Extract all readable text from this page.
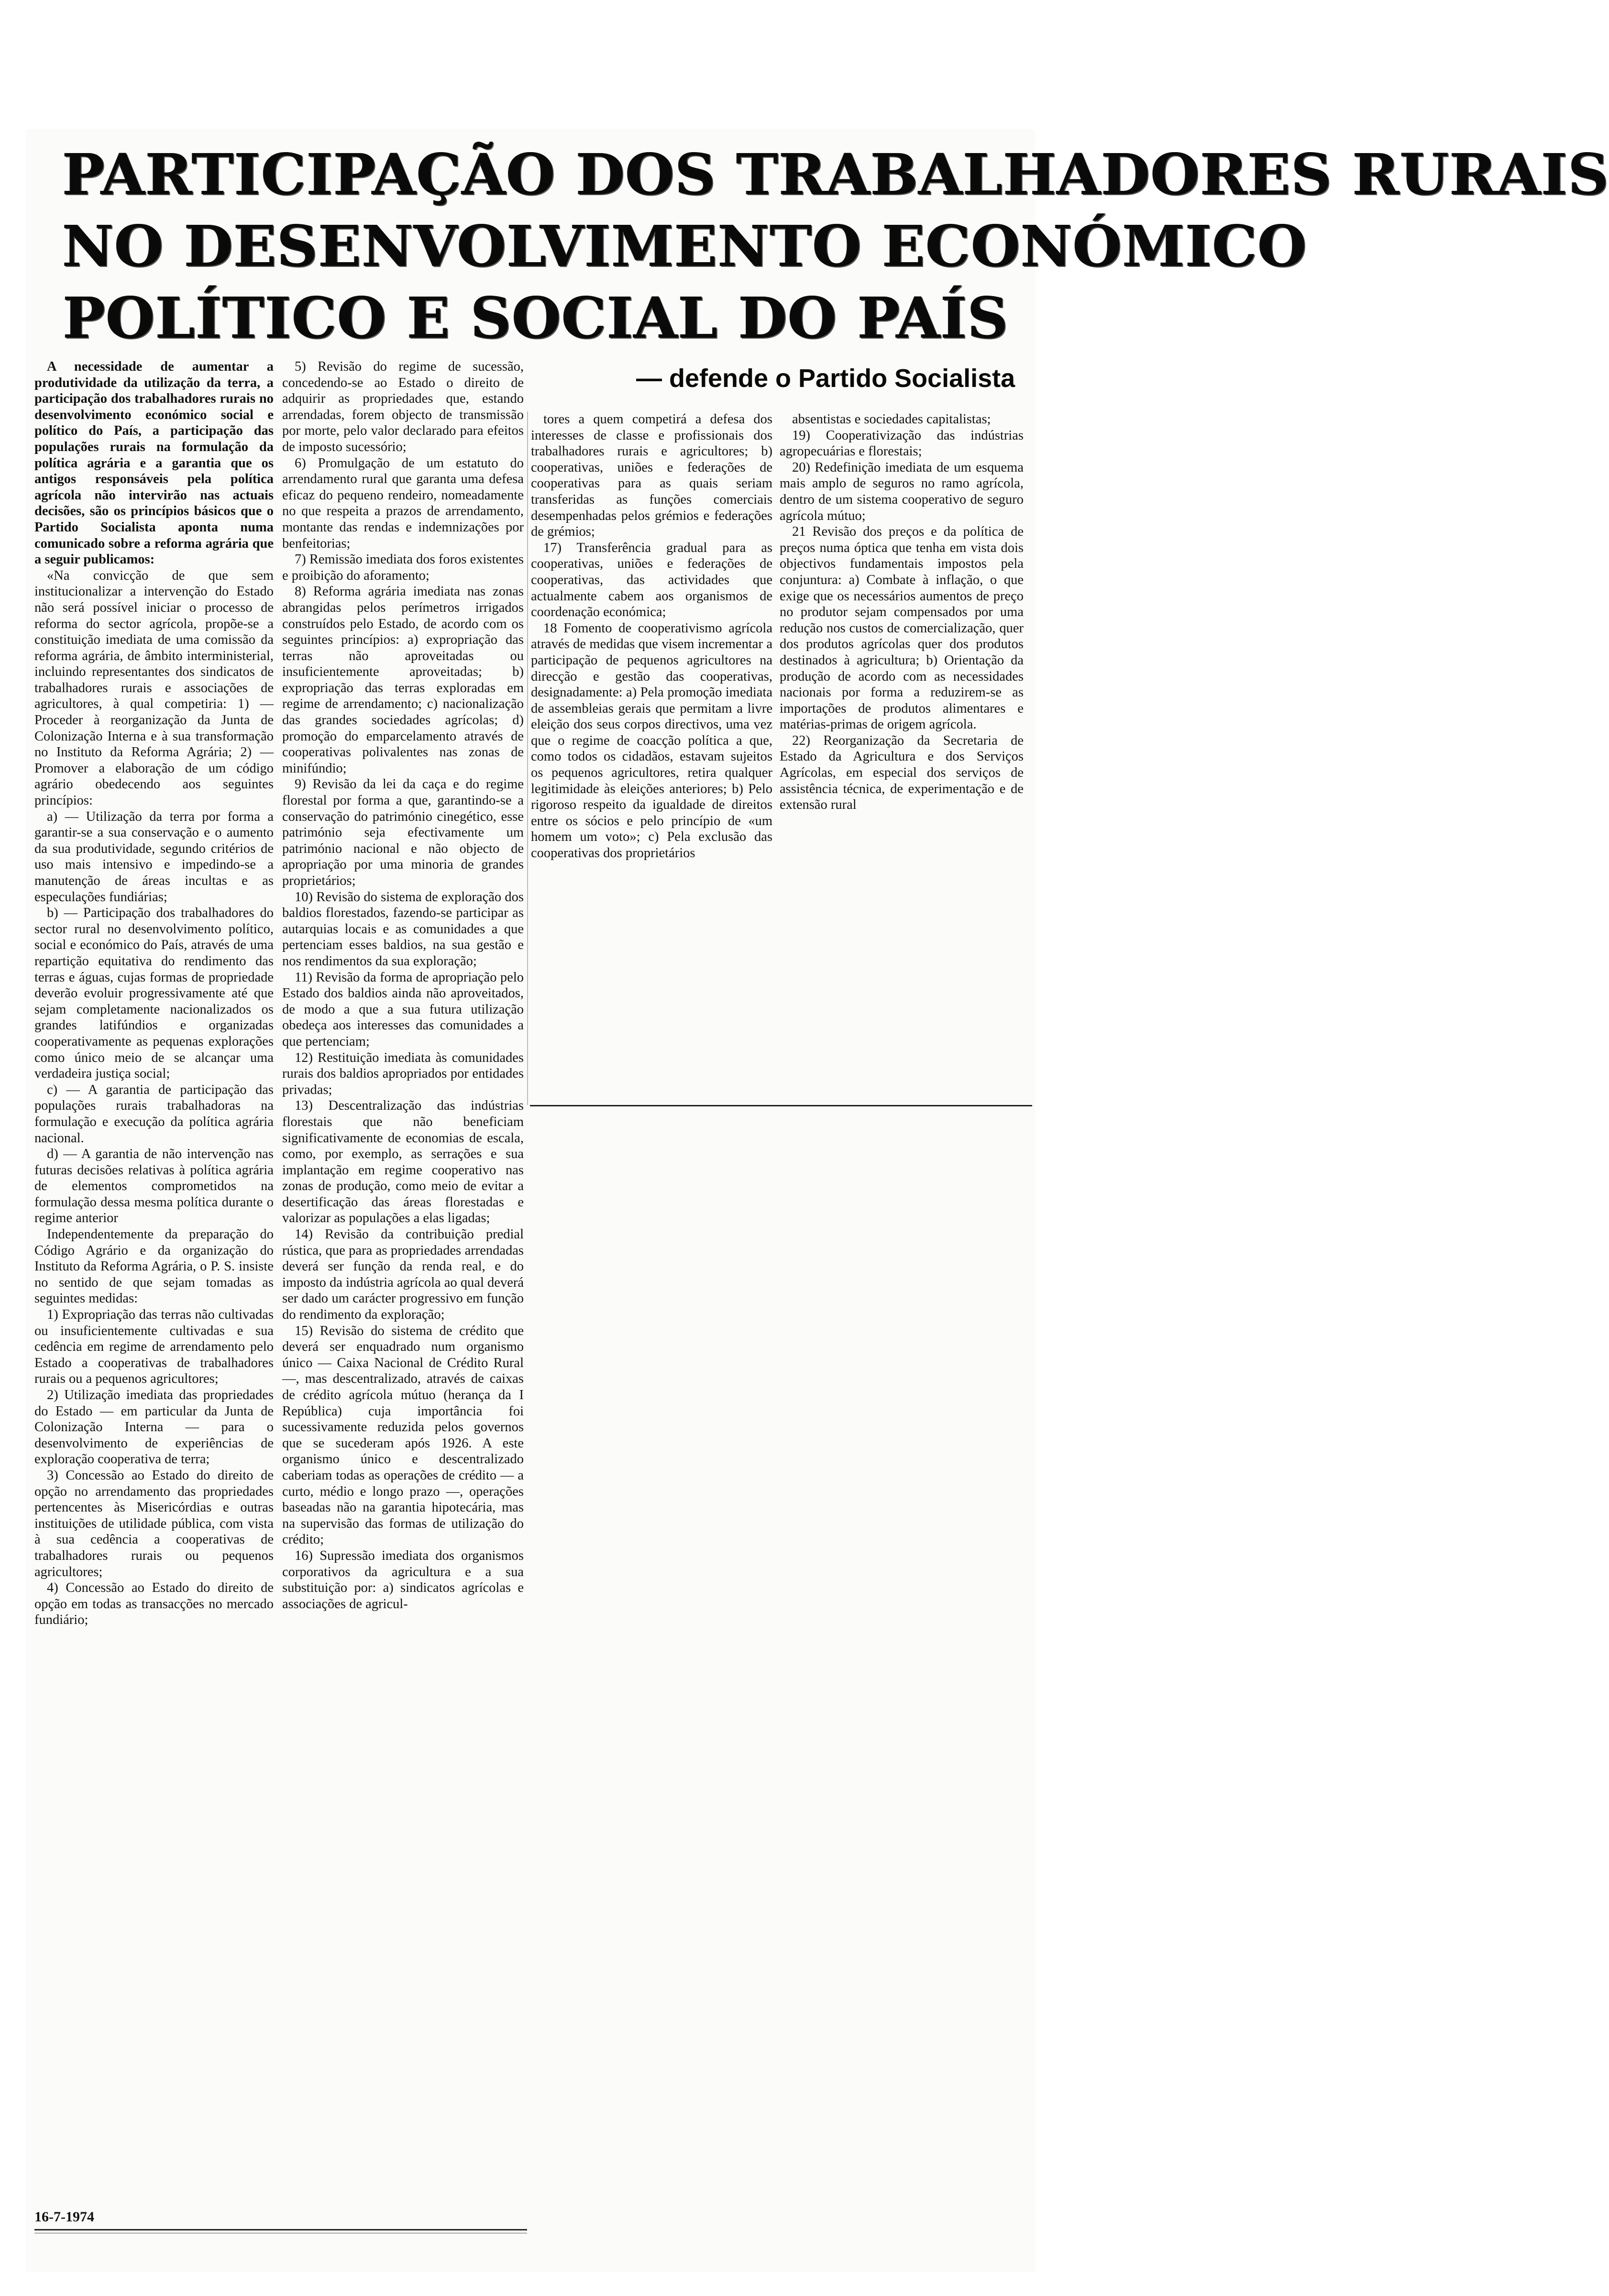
PARTICIPAÇÃO DOS TRABALHADORES RURAIS
NO DESENVOLVIMENTO ECONÓMICO
POLÍTICO E SOCIAL DO PAÍS
— defende o Partido Socialista

A necessidade de aumentar a produtividade da utilização da terra, a participação dos trabalhadores rurais no desenvolvimento económico social e político do País, a participação das populações rurais na formulação da política agrária e a garantia que os antigos responsáveis pela política agrícola não intervirão nas actuais decisões, são os princípios básicos que o Partido Socialista aponta numa comunicado sobre a reforma agrária que a seguir publicamos:

«Na convicção de que sem institucionalizar a intervenção do Estado não será possível iniciar o processo de reforma do sector agrícola, propõe-se a constituição imediata de uma comissão da reforma agrária, de âmbito interministerial, incluindo representantes dos sindicatos de trabalhadores rurais e associações de agricultores, à qual competiria: 1) — Proceder à reorganização da Junta de Colonização Interna e à sua transformação no Instituto da Reforma Agrária; 2) — Promover a elaboração de um código agrário obedecendo aos seguintes princípios:

a) — Utilização da terra por forma a garantir-se a sua conservação e o aumento da sua produtividade, segundo critérios de uso mais intensivo e impedindo-se a manutenção de áreas incultas e as especulações fundiárias;

b) — Participação dos trabalhadores do sector rural no desenvolvimento político, social e económico do País, através de uma repartição equitativa do rendimento das terras e águas, cujas formas de propriedade deverão evoluir progressivamente até que sejam completamente nacionalizados os grandes latifúndios e organizadas cooperativamente as pequenas explorações como único meio de se alcançar uma verdadeira justiça social;

c) — A garantia de participação das populações rurais trabalhadoras na formulação e execução da política agrária nacional.

d) — A garantia de não intervenção nas futuras decisões relativas à política agrária de elementos comprometidos na formulação dessa mesma política durante o regime anterior

Independentemente da preparação do Código Agrário e da organização do Instituto da Reforma Agrária, o P. S. insiste no sentido de que sejam tomadas as seguintes medidas:

1) Expropriação das terras não cultivadas ou insuficientemente cultivadas e sua cedência em regime de arrendamento pelo Estado a cooperativas de trabalhadores rurais ou a pequenos agricultores;

2) Utilização imediata das propriedades do Estado — em particular da Junta de Colonização Interna — para o desenvolvimento de experiências de exploração cooperativa de terra;

3) Concessão ao Estado do direito de opção no arrendamento das propriedades pertencentes às Misericórdias e outras instituições de utilidade pública, com vista à sua cedência a cooperativas de trabalhadores rurais ou pequenos agricultores;

4) Concessão ao Estado do direito de opção em todas as transacções no mercado fundiário;

5) Revisão do regime de sucessão, concedendo-se ao Estado o direito de adquirir as propriedades que, estando arrendadas, forem objecto de transmissão por morte, pelo valor declarado para efeitos de imposto sucessório;

6) Promulgação de um estatuto do arrendamento rural que garanta uma defesa eficaz do pequeno rendeiro, nomeadamente no que respeita a prazos de arrendamento, montante das rendas e indemnizações por benfeitorias;

7) Remissão imediata dos foros existentes e proibição do aforamento;

8) Reforma agrária imediata nas zonas abrangidas pelos perímetros irrigados construídos pelo Estado, de acordo com os seguintes princípios: a) expropriação das terras não aproveitadas ou insuficientemente aproveitadas; b) expropriação das terras exploradas em regime de arrendamento; c) nacionalização das grandes sociedades agrícolas; d) promoção do emparcelamento através de cooperativas polivalentes nas zonas de minifúndio;

9) Revisão da lei da caça e do regime florestal por forma a que, garantindo-se a conservação do património cinegético, esse património seja efectivamente um património nacional e não objecto de apropriação por uma minoria de grandes proprietários;

10) Revisão do sistema de exploração dos baldios florestados, fazendo-se participar as autarquias locais e as comunidades a que pertenciam esses baldios, na sua gestão e nos rendimentos da sua exploração;

11) Revisão da forma de apropriação pelo Estado dos baldios ainda não aproveitados, de modo a que a sua futura utilização obedeça aos interesses das comunidades a que pertenciam;

12) Restituição imediata às comunidades rurais dos baldios apropriados por entidades privadas;

13) Descentralização das indústrias florestais que não beneficiam significativamente de economias de escala, como, por exemplo, as serrações e sua implantação em regime cooperativo nas zonas de produção, como meio de evitar a desertificação das áreas florestadas e valorizar as populações a elas ligadas;

14) Revisão da contribuição predial rústica, que para as propriedades arrendadas deverá ser função da renda real, e do imposto da indústria agrícola ao qual deverá ser dado um carácter progressivo em função do rendimento da exploração;

15) Revisão do sistema de crédito que deverá ser enquadrado num organismo único — Caixa Nacional de Crédito Rural —, mas descentralizado, através de caixas de crédito agrícola mútuo (herança da I República) cuja importância foi sucessivamente reduzida pelos governos que se sucederam após 1926. A este organismo único e descentralizado caberiam todas as operações de crédito — a curto, médio e longo prazo —, operações baseadas não na garantia hipotecária, mas na supervisão das formas de utilização do crédito;

16) Supressão imediata dos organismos corporativos da agricultura e a sua substituição por: a) sindicatos agrícolas e associações de agricul-

tores a quem competirá a defesa dos interesses de classe e profissionais dos trabalhadores rurais e agricultores; b) cooperativas, uniões e federações de cooperativas para as quais seriam transferidas as funções comerciais desempenhadas pelos grémios e federações de grémios;

17) Transferência gradual para as cooperativas, uniões e federações de cooperativas, das actividades que actualmente cabem aos organismos de coordenação económica;

18 Fomento de cooperativismo agrícola através de medidas que visem incrementar a participação de pequenos agricultores na direcção e gestão das cooperativas, designadamente: a) Pela promoção imediata de assembleias gerais que permitam a livre eleição dos seus corpos directivos, uma vez que o regime de coacção política a que, como todos os cidadãos, estavam sujeitos os pequenos agricultores, retira qualquer legitimidade às eleições anteriores; b) Pelo rigoroso respeito da igualdade de direitos entre os sócios e pelo princípio de «um homem um voto»; c) Pela exclusão das cooperativas dos proprietários

absentistas e sociedades capitalistas;

19) Cooperativização das indústrias agropecuárias e florestais;

20) Redefinição imediata de um esquema mais amplo de seguros no ramo agrícola, dentro de um sistema cooperativo de seguro agrícola mútuo;

21 Revisão dos preços e da política de preços numa óptica que tenha em vista dois objectivos fundamentais impostos pela conjuntura: a) Combate à inflação, o que exige que os necessários aumentos de preço no produtor sejam compensados por uma redução nos custos de comercialização, quer dos produtos agrícolas quer dos produtos destinados à agricultura; b) Orientação da produção de acordo com as necessidades nacionais por forma a reduzirem-se as importações de produtos alimentares e matérias-primas de origem agrícola.

22) Reorganização da Secretaria de Estado da Agricultura e dos Serviços Agrícolas, em especial dos serviços de assistência técnica, de experimentação e de extensão rural

16-7-1974
